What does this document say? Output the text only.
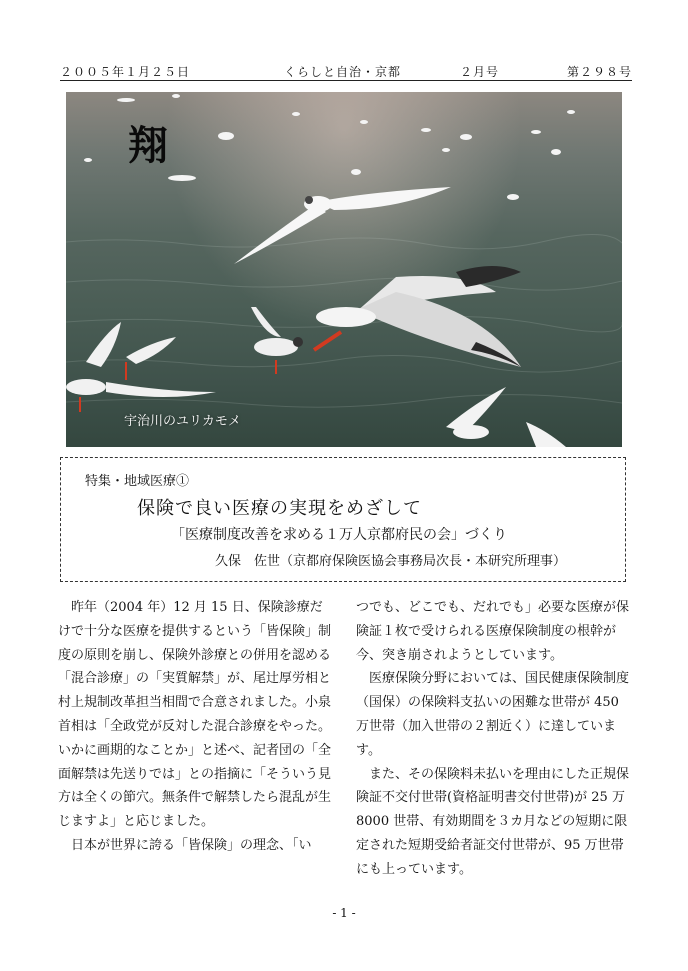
２００５年１月２５日	くらしと自治・京都	２月号	第２９８号
翔
宇治川のユリカモメ
特集・地域医療①
保険で良い医療の実現をめざして
「医療制度改善を求める１万人京都府民の会」づくり
久保　佐世（京都府保険医協会事務局次長・本研究所理事）

昨年（2004 年）12 月 15 日、保険診療だけで十分な医療を提供するという「皆保険」制度の原則を崩し、保険外診療との併用を認める「混合診療」の「実質解禁」が、尾辻厚労相と村上規制改革担当相間で合意されました。小泉首相は「全政党が反対した混合診療をやった。いかに画期的なことか」と述べ、記者団の「全面解禁は先送りでは」との指摘に「そういう見方は全くの節穴。無条件で解禁したら混乱が生じますよ」と応じました。

日本が世界に誇る「皆保険」の理念、「い

つでも、どこでも、だれでも」必要な医療が保険証１枚で受けられる医療保険制度の根幹が今、突き崩されようとしています。

医療保険分野においては、国民健康保険制度（国保）の保険料支払いの困難な世帯が 450 万世帯（加入世帯の２割近く）に達しています。

また、その保険料未払いを理由にした正規保険証不交付世帯(資格証明書交付世帯)が 25 万 8000 世帯、有効期間を３カ月などの短期に限定された短期受給者証交付世帯が、95 万世帯にも上っています。

- 1 -
